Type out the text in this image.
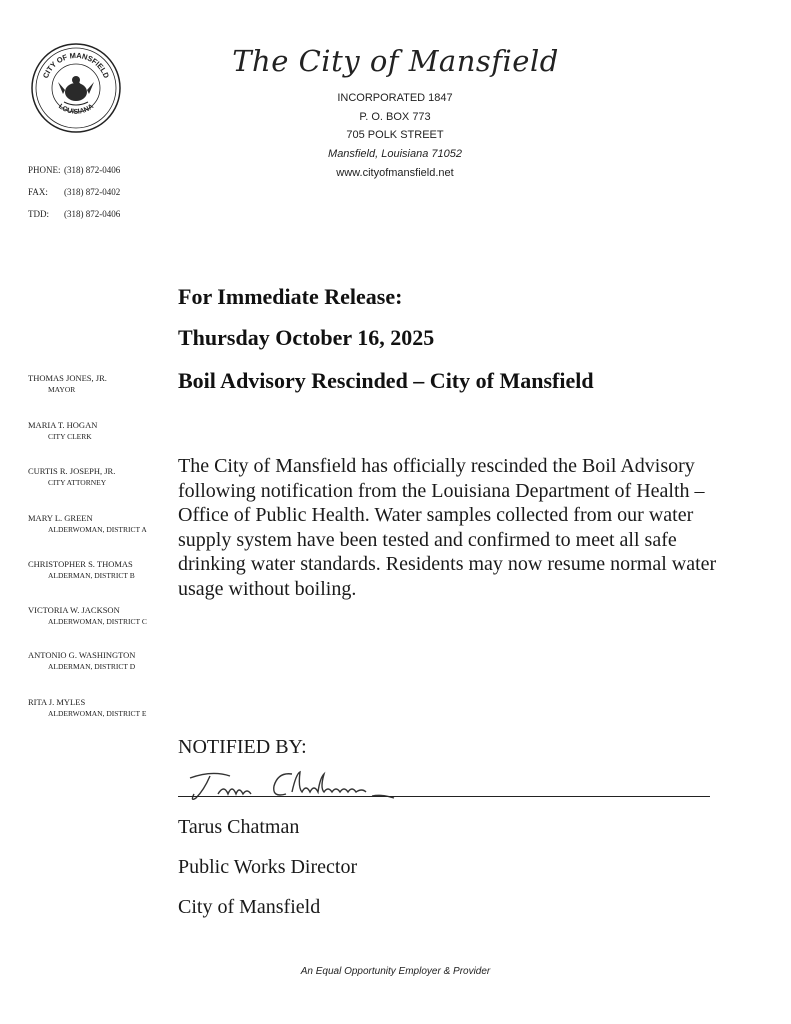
CITY OF MANSFIELD
LOUISIANA
The City of Mansfield
INCORPORATED 1847
P. O. BOX 773
705 POLK STREET
Mansfield, Louisiana 71052
www.cityofmansfield.net
PHONE: (318) 872-0406
FAX: (318) 872-0402
TDD: (318) 872-0406
THOMAS JONES, JR.
MAYOR
MARIA T. HOGAN
CITY CLERK
CURTIS R. JOSEPH, JR.
CITY ATTORNEY
MARY L. GREEN
ALDERWOMAN, DISTRICT A
CHRISTOPHER S. THOMAS
ALDERMAN, DISTRICT B
VICTORIA W. JACKSON
ALDERWOMAN, DISTRICT C
ANTONIO G. WASHINGTON
ALDERMAN, DISTRICT D
RITA J. MYLES
ALDERWOMAN, DISTRICT E
For Immediate Release:
Thursday October 16, 2025
Boil Advisory Rescinded – City of Mansfield
The City of Mansfield has officially rescinded the Boil Advisory following notification from the Louisiana Department of Health – Office of Public Health. Water samples collected from our water supply system have been tested and confirmed to meet all safe drinking water standards. Residents may now resume normal water usage without boiling.
NOTIFIED BY:
Tarus Chatman
Public Works Director
City of Mansfield
An Equal Opportunity Employer & Provider
